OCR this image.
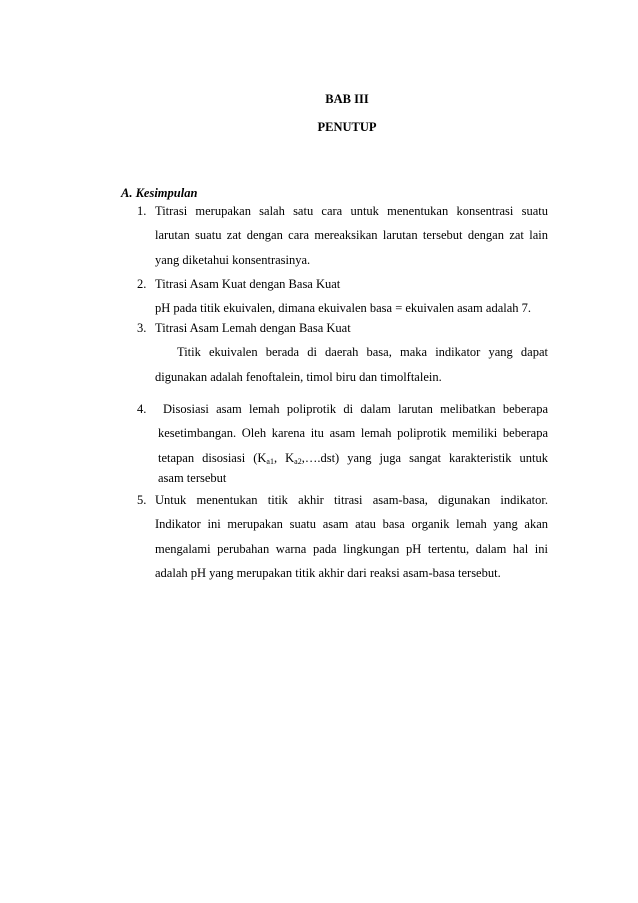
BAB III
PENUTUP
A. Kesimpulan
1. Titrasi merupakan salah satu cara untuk menentukan konsentrasi suatu
larutan suatu zat dengan cara mereaksikan larutan tersebut dengan zat lain
yang diketahui konsentrasinya.
2. Titrasi Asam Kuat dengan Basa Kuat
pH pada titik ekuivalen, dimana ekuivalen basa = ekuivalen asam adalah 7.
3. Titrasi Asam Lemah dengan Basa Kuat
Titik ekuivalen berada di daerah basa, maka indikator yang dapat
digunakan adalah fenoftalein, timol biru dan timolftalein.
4.	Disosiasi asam lemah poliprotik di dalam larutan melibatkan beberapa
kesetimbangan. Oleh karena itu asam lemah poliprotik memiliki beberapa
tetapan disosiasi ($K_{a1}$, $K_{a2},\dots.dst$) yang juga sangat karakteristik untuk
asam tersebut
5. Untuk menentukan titik akhir titrasi asam-basa, digunakan indikator.
Indikator ini merupakan suatu asam atau basa organik lemah yang akan
mengalami perubahan warna pada lingkungan pH tertentu, dalam hal ini
adalah pH yang merupakan titik akhir dari reaksi asam-basa tersebut.
